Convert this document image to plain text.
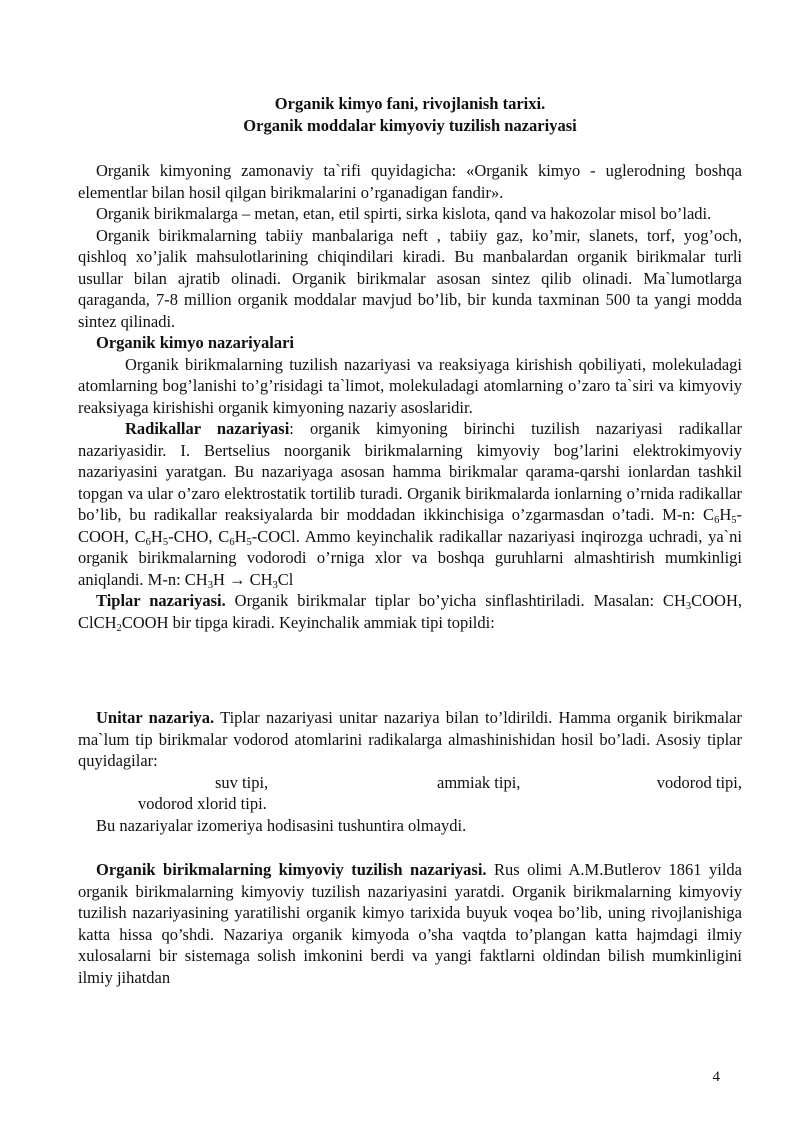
Organik kimyo fani, rivojlanish tarixi.

Organik moddalar kimyoviy tuzilish nazariyasi

Organik kimyoning zamonaviy ta`rifi quyidagicha: «Organik kimyo - uglerodning boshqa elementlar bilan hosil qilgan birikmalarini o’rganadigan fandir».

Organik birikmalarga – metan, etan, etil spirti, sirka kislota, qand va hakozolar misol bo’ladi.

Organik birikmalarning tabiiy manbalariga neft , tabiiy gaz, ko’mir, slanets, torf, yog’och, qishloq xo’jalik mahsulotlarining chiqindilari kiradi. Bu manbalardan organik birikmalar turli usullar bilan ajratib olinadi. Organik birikmalar asosan sintez qilib olinadi. Ma`lumotlarga qaraganda, 7-8 million organik moddalar mavjud bo’lib, bir kunda taxminan 500 ta yangi modda sintez qilinadi.

Organik kimyo nazariyalari

Organik birikmalarning tuzilish nazariyasi va reaksiyaga kirishish qobiliyati, molekuladagi atomlarning bog’lanishi to’g’risidagi ta`limot, molekuladagi atomlarning o’zaro ta`siri va kimyoviy reaksiyaga kirishishi organik kimyoning nazariy asoslaridir.

Radikallar nazariyasi: organik kimyoning birinchi tuzilish nazariyasi radikallar nazariyasidir. I. Bertselius noorganik birikmalarning kimyoviy bog’larini elektrokimyoviy nazariyasini yaratgan. Bu nazariyaga asosan hamma birikmalar qarama-qarshi ionlardan tashkil topgan va ular o’zaro elektrostatik tortilib turadi. Organik birikmalarda ionlarning o’rnida radikallar bo’lib, bu radikallar reaksiyalarda bir moddadan ikkinchisiga o’zgarmasdan o’tadi. M-n: $C_6H_5$-COOH, $C_6H_5$-CHO, $C_6H_5$-COCl. Ammo keyinchalik radikallar nazariyasi inqirozga uchradi, ya`ni organik birikmalarning vodorodi o’rniga xlor va boshqa guruhlarni almashtirish mumkinligi aniqlandi. M-n: $CH_3H \to CH_3Cl$

Tiplar nazariyasi. Organik birikmalar tiplar bo’yicha sinflashtiriladi. Masalan: $CH_3COOH$, ClCH$_2$COOH bir tipga kiradi. Keyinchalik ammiak tipi topildi:

Unitar nazariya. Tiplar nazariyasi unitar nazariya bilan to’ldirildi. Hamma organik birikmalar ma`lum tip birikmalar vodorod atomlarini radikalarga almashinishidan hosil bo’ladi. Asosiy tiplar quyidagilar:

suv tipi,	ammiak tipi,	vodorod tipi,
vodorod xlorid tipi.

Bu nazariyalar izomeriya hodisasini tushuntira olmaydi.

Organik birikmalarning kimyoviy tuzilish nazariyasi. Rus olimi A.M.Butlerov 1861 yilda organik birikmalarning kimyoviy tuzilish nazariyasini yaratdi. Organik birikmalarning kimyoviy tuzilish nazariyasining yaratilishi organik kimyo tarixida buyuk voqea bo’lib, uning rivojlanishiga katta hissa qo’shdi. Nazariya organik kimyoda o’sha vaqtda to’plangan katta hajmdagi ilmiy xulosalarni bir sistemaga solish imkonini berdi va yangi faktlarni oldindan bilish mumkinligini ilmiy jihatdan

4
